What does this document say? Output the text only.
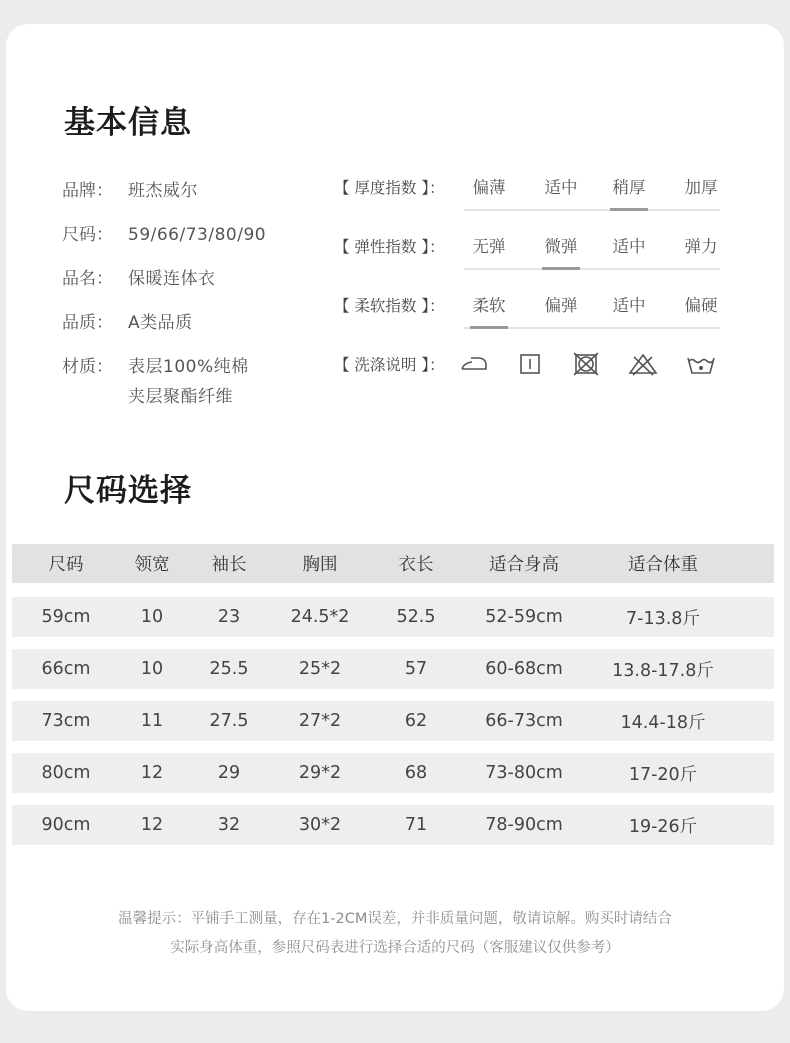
基本信息
品牌： 班杰威尔
尺码： 59/66/73/80/90
品名： 保暖连体衣
品质： A类品质
材质： 表层100%纯棉
夹层聚酯纤维
【 厚度指数 】：	偏薄	适中	稍厚	加厚
【 弹性指数 】：	无弹	微弹	适中	弹力
【 柔软指数 】：	柔软	偏弹	适中	偏硬
【 洗涤说明 】：
尺码选择
尺码	领宽	袖长	胸围	衣长	适合身高	适合体重
59cm	10	23	24.5*2	52.5	52-59cm	7-13.8斤
66cm	10	25.5	25*2	57	60-68cm	13.8-17.8斤
73cm	11	27.5	27*2	62	66-73cm	14.4-18斤
80cm	12	29	29*2	68	73-80cm	17-20斤
90cm	12	32	30*2	71	78-90cm	19-26斤
温馨提示：平铺手工测量，存在1-2CM误差，并非质量问题，敬请谅解。购买时请结合
实际身高体重，参照尺码表进行选择合适的尺码（客服建议仅供参考）
